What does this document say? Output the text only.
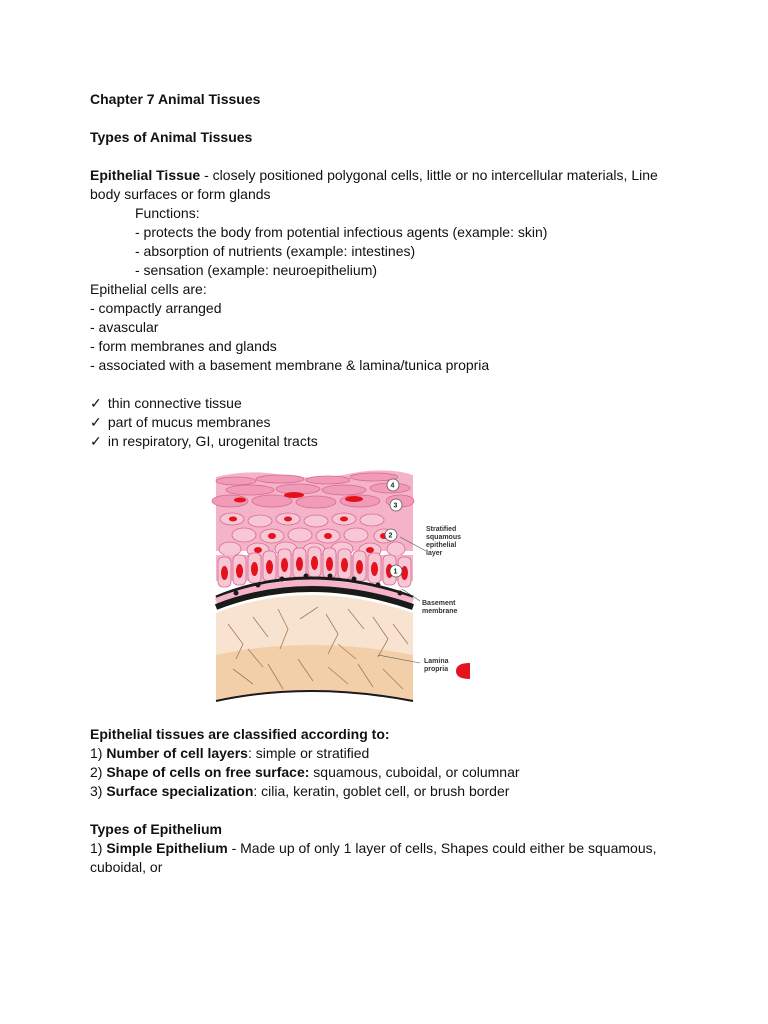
Chapter 7 Animal Tissues
Types of Animal Tissues
Epithelial Tissue - closely positioned polygonal cells, little or no intercellular materials, Line body surfaces or form glands
Functions:
- protects the body from potential infectious agents (example: skin)
- absorption of nutrients (example: intestines)
- sensation (example: neuroepithelium)
Epithelial cells are:
- compactly arranged
- avascular
- form membranes and glands
- associated with a basement membrane & lamina/tunica propria
✓ thin connective tissue
✓ part of mucus membranes
✓ in respiratory, GI, urogenital tracts
4
3
2
1
Stratified
squamous
epithelial
layer
Basement
membrane
Lamina
propria
Epithelial tissues are classified according to:
1) Number of cell layers: simple or stratified
2) Shape of cells on free surface: squamous, cuboidal, or columnar
3) Surface specialization: cilia, keratin, goblet cell, or brush border
Types of Epithelium
1) Simple Epithelium - Made up of only 1 layer of cells, Shapes could either be squamous, cuboidal, or
